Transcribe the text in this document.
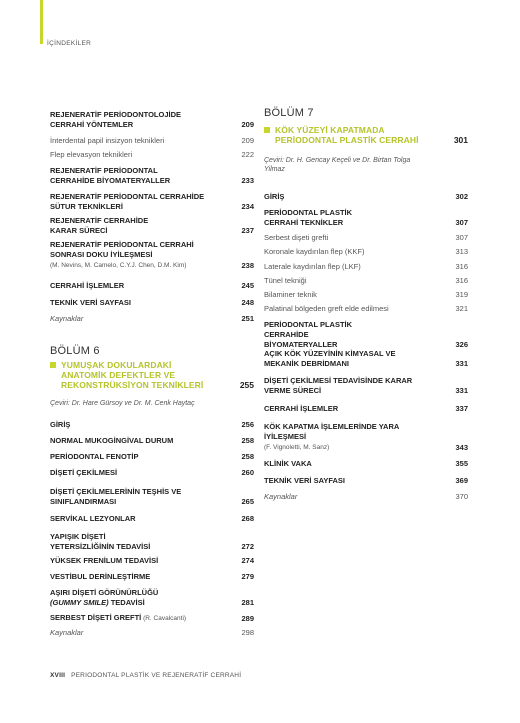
İÇİNDEKİLER
REJENERATİF PERİODONTOLOJİDE CERRAHİ YÖNTEMLER	209
İnterdental papil insizyon teknikleri	209
Flep elevasyon teknikleri	222
REJENERATİF PERİODONTAL CERRAHİDE BİYOMATERYALLER	233
REJENERATİF PERİODONTAL CERRAHİDE SÜTUR TEKNİKLERİ	234
REJENERATİF CERRAHİDE KARAR SÜRECİ	237
REJENERATİF PERİODONTAL CERRAHİ SONRASI DOKU İYİLEŞMESİ
(M. Nevins, M. Camelo, C.Y.J. Chen, D.M. Kim)	238
CERRAHİ İŞLEMLER	245
TEKNİK VERİ SAYFASI	248
Kaynaklar	251
BÖLÜM 6
YUMUŞAK DOKULARDAKİ ANATOMİK DEFEKTLER VE REKONSTRÜKSİYON TEKNİKLERİ	255
Çeviri: Dr. Hare Gürsoy ve Dr. M. Cenk Haytaç
GİRİŞ	256
NORMAL MUKOGİNGİVAL DURUM	258
PERİODONTAL FENOTİP	258
DİŞETİ ÇEKİLMESİ	260
DİŞETİ ÇEKİLMELERİNİN TEŞHİS VE SINIFLANDIRMASI	265
SERVİKAL LEZYONLAR	268
YAPIŞIK DİŞETİ YETERSİZLİĞİNİN TEDAVİSİ	272
YÜKSEK FRENİLUM TEDAVİSİ	274
VESTİBUL DERİNLEŞTİRME	279
AŞIRI DİŞETİ GÖRÜNÜRLÜĞÜ
(GUMMY SMILE) TEDAVİSİ	281
SERBEST DİŞETİ GREFTİ (R. Cavalcanti)	289
Kaynaklar	298
BÖLÜM 7
KÖK YÜZEYİ KAPATMADA PERİODONTAL PLASTİK CERRAHİ	301
Çeviri: Dr. H. Gencay Keçeli ve Dr. Birtan Tolga Yilmaz
GİRİŞ	302
PERİODONTAL PLASTİK CERRAHİ TEKNİKLER	307
Serbest dişeti grefti	307
Koronale kaydırılan flep (KKF)	313
Laterale kaydırılan flep (LKF)	316
Tünel tekniği	316
Bilaminer teknik	319
Palatinal bölgeden greft elde edilmesi	321
PERİODONTAL PLASTİK CERRAHİDE BİYOMATERYALLER	326
AÇIK KÖK YÜZEYİNİN KİMYASAL VE MEKANİK DEBRİDMANI	331
DİŞETİ ÇEKİLMESİ TEDAVİSİNDE KARAR VERME SÜRECİ	331
CERRAHİ İŞLEMLER	337
KÖK KAPATMA İŞLEMLERİNDE YARA İYİLEŞMESİ
(F. Vignoletti, M. Sanz)	343
KLİNİK VAKA	355
TEKNİK VERİ SAYFASI	369
Kaynaklar	370
XVIII PERIODONTAL PLASTİK VE REJENERATİF CERRAHİ
